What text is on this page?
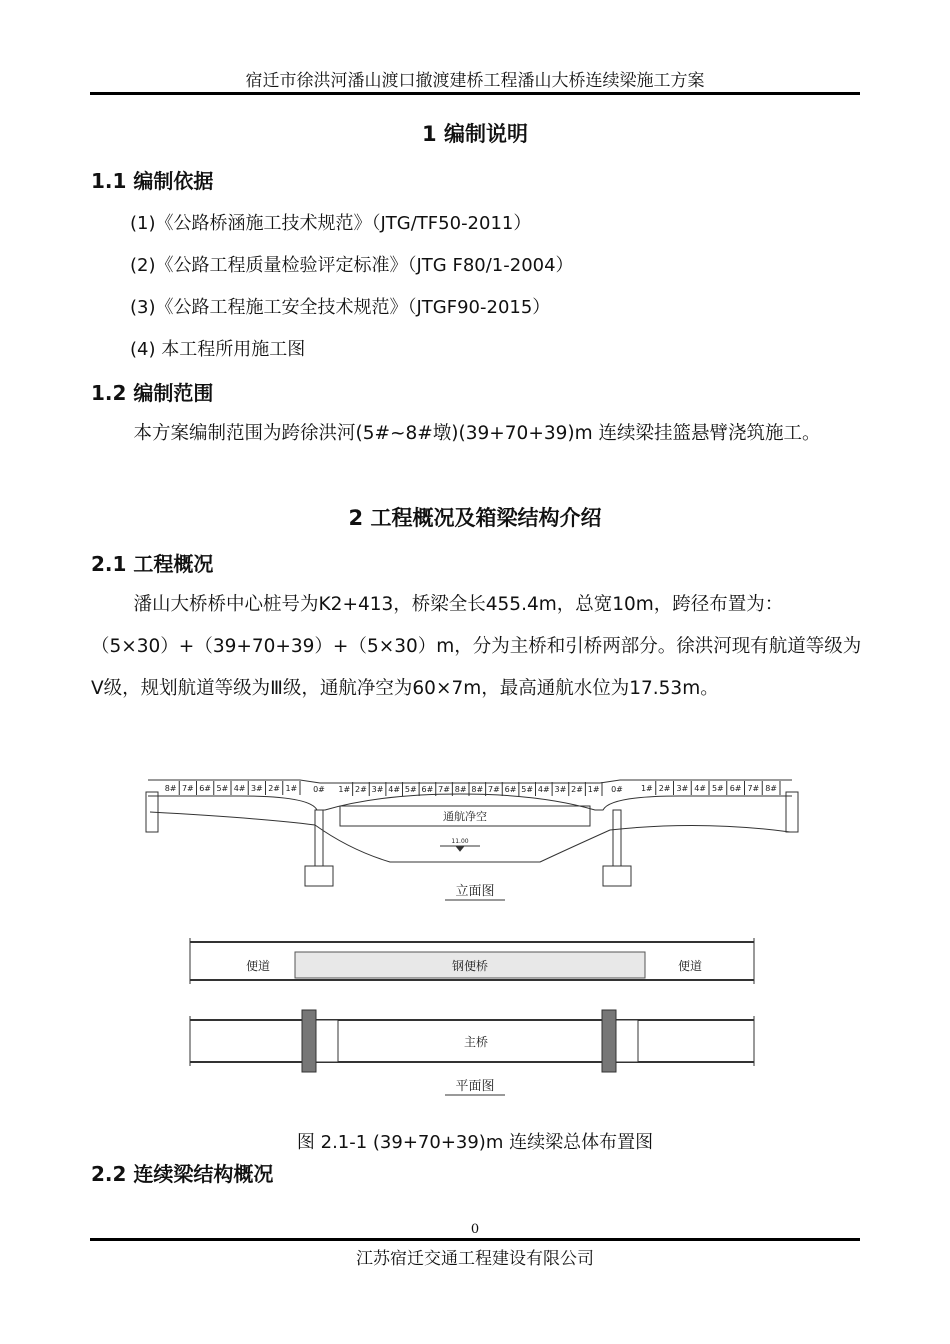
宿迁市徐洪河潘山渡口撤渡建桥工程潘山大桥连续梁施工方案
1 编制说明
1.1 编制依据
(1)《公路桥涵施工技术规范》（JTG/TF50-2011）
(2)《公路工程质量检验评定标准》（JTG F80/1-2004）
(3)《公路工程施工安全技术规范》（JTGF90-2015）
(4) 本工程所用施工图
1.2 编制范围

本方案编制范围为跨徐洪河(5#~8#墩)(39+70+39)m 连续梁挂篮悬臂浇筑施工。

2 工程概况及箱梁结构介绍
2.1 工程概况

潘山大桥桥中心桩号为K2+413，桥梁全长455.4m，总宽10m，跨径布置为：（5×30）+（39+70+39）+（5×30）m，分为主桥和引桥两部分。徐洪河现有航道等级为Ⅴ级，规划航道等级为Ⅲ级，通航净空为60×7m，最高通航水位为17.53m。

8# 7# 6# 5# 4# 3# 2# 1#	1# 2# 3# 4# 5# 6# 7# 8# 8# 7# 6# 5# 4# 3# 2# 1#	1# 2# 3# 4# 5# 6# 7# 8#
通航净空
11.00
0#	0#
立面图
便道	钢便桥	便道
主桥
平面图
图 2.1-1 (39+70+39)m 连续梁总体布置图
2.2 连续梁结构概况
0
江苏宿迁交通工程建设有限公司
